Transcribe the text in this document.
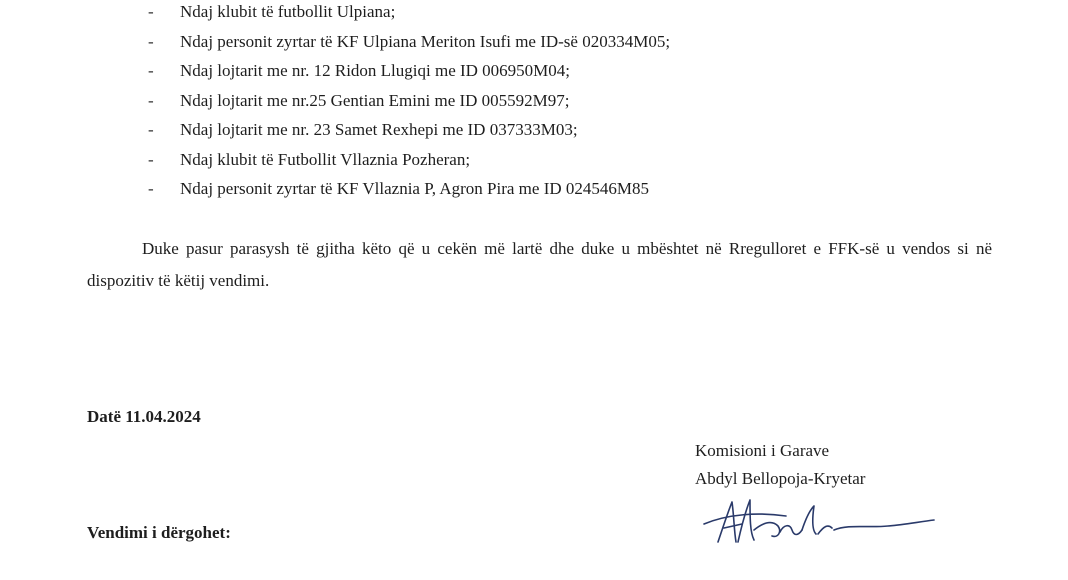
-	Ndaj klubit të futbollit Ulpiana;
-	Ndaj personit zyrtar të KF Ulpiana Meriton Isufi me ID-së 020334M05;
-	Ndaj lojtarit me nr. 12 Ridon Llugiqi me ID 006950M04;
-	Ndaj lojtarit me nr.25 Gentian Emini me ID 005592M97;
-	Ndaj lojtarit me nr. 23 Samet Rexhepi me ID 037333M03;
-	Ndaj klubit të Futbollit Vllaznia Pozheran;
-	Ndaj personit zyrtar të KF Vllaznia P, Agron Pira me ID 024546M85

Duke pasur parasysh të gjitha këto që u cekën më lartë dhe duke u mbështet në Rregulloret e FFK-së u vendos si në dispozitiv të këtij vendimi.

Datë 11.04.2024

Komisioni i Garave
Abdyl Bellopoja-Kryetar

Vendimi i dërgohet:
